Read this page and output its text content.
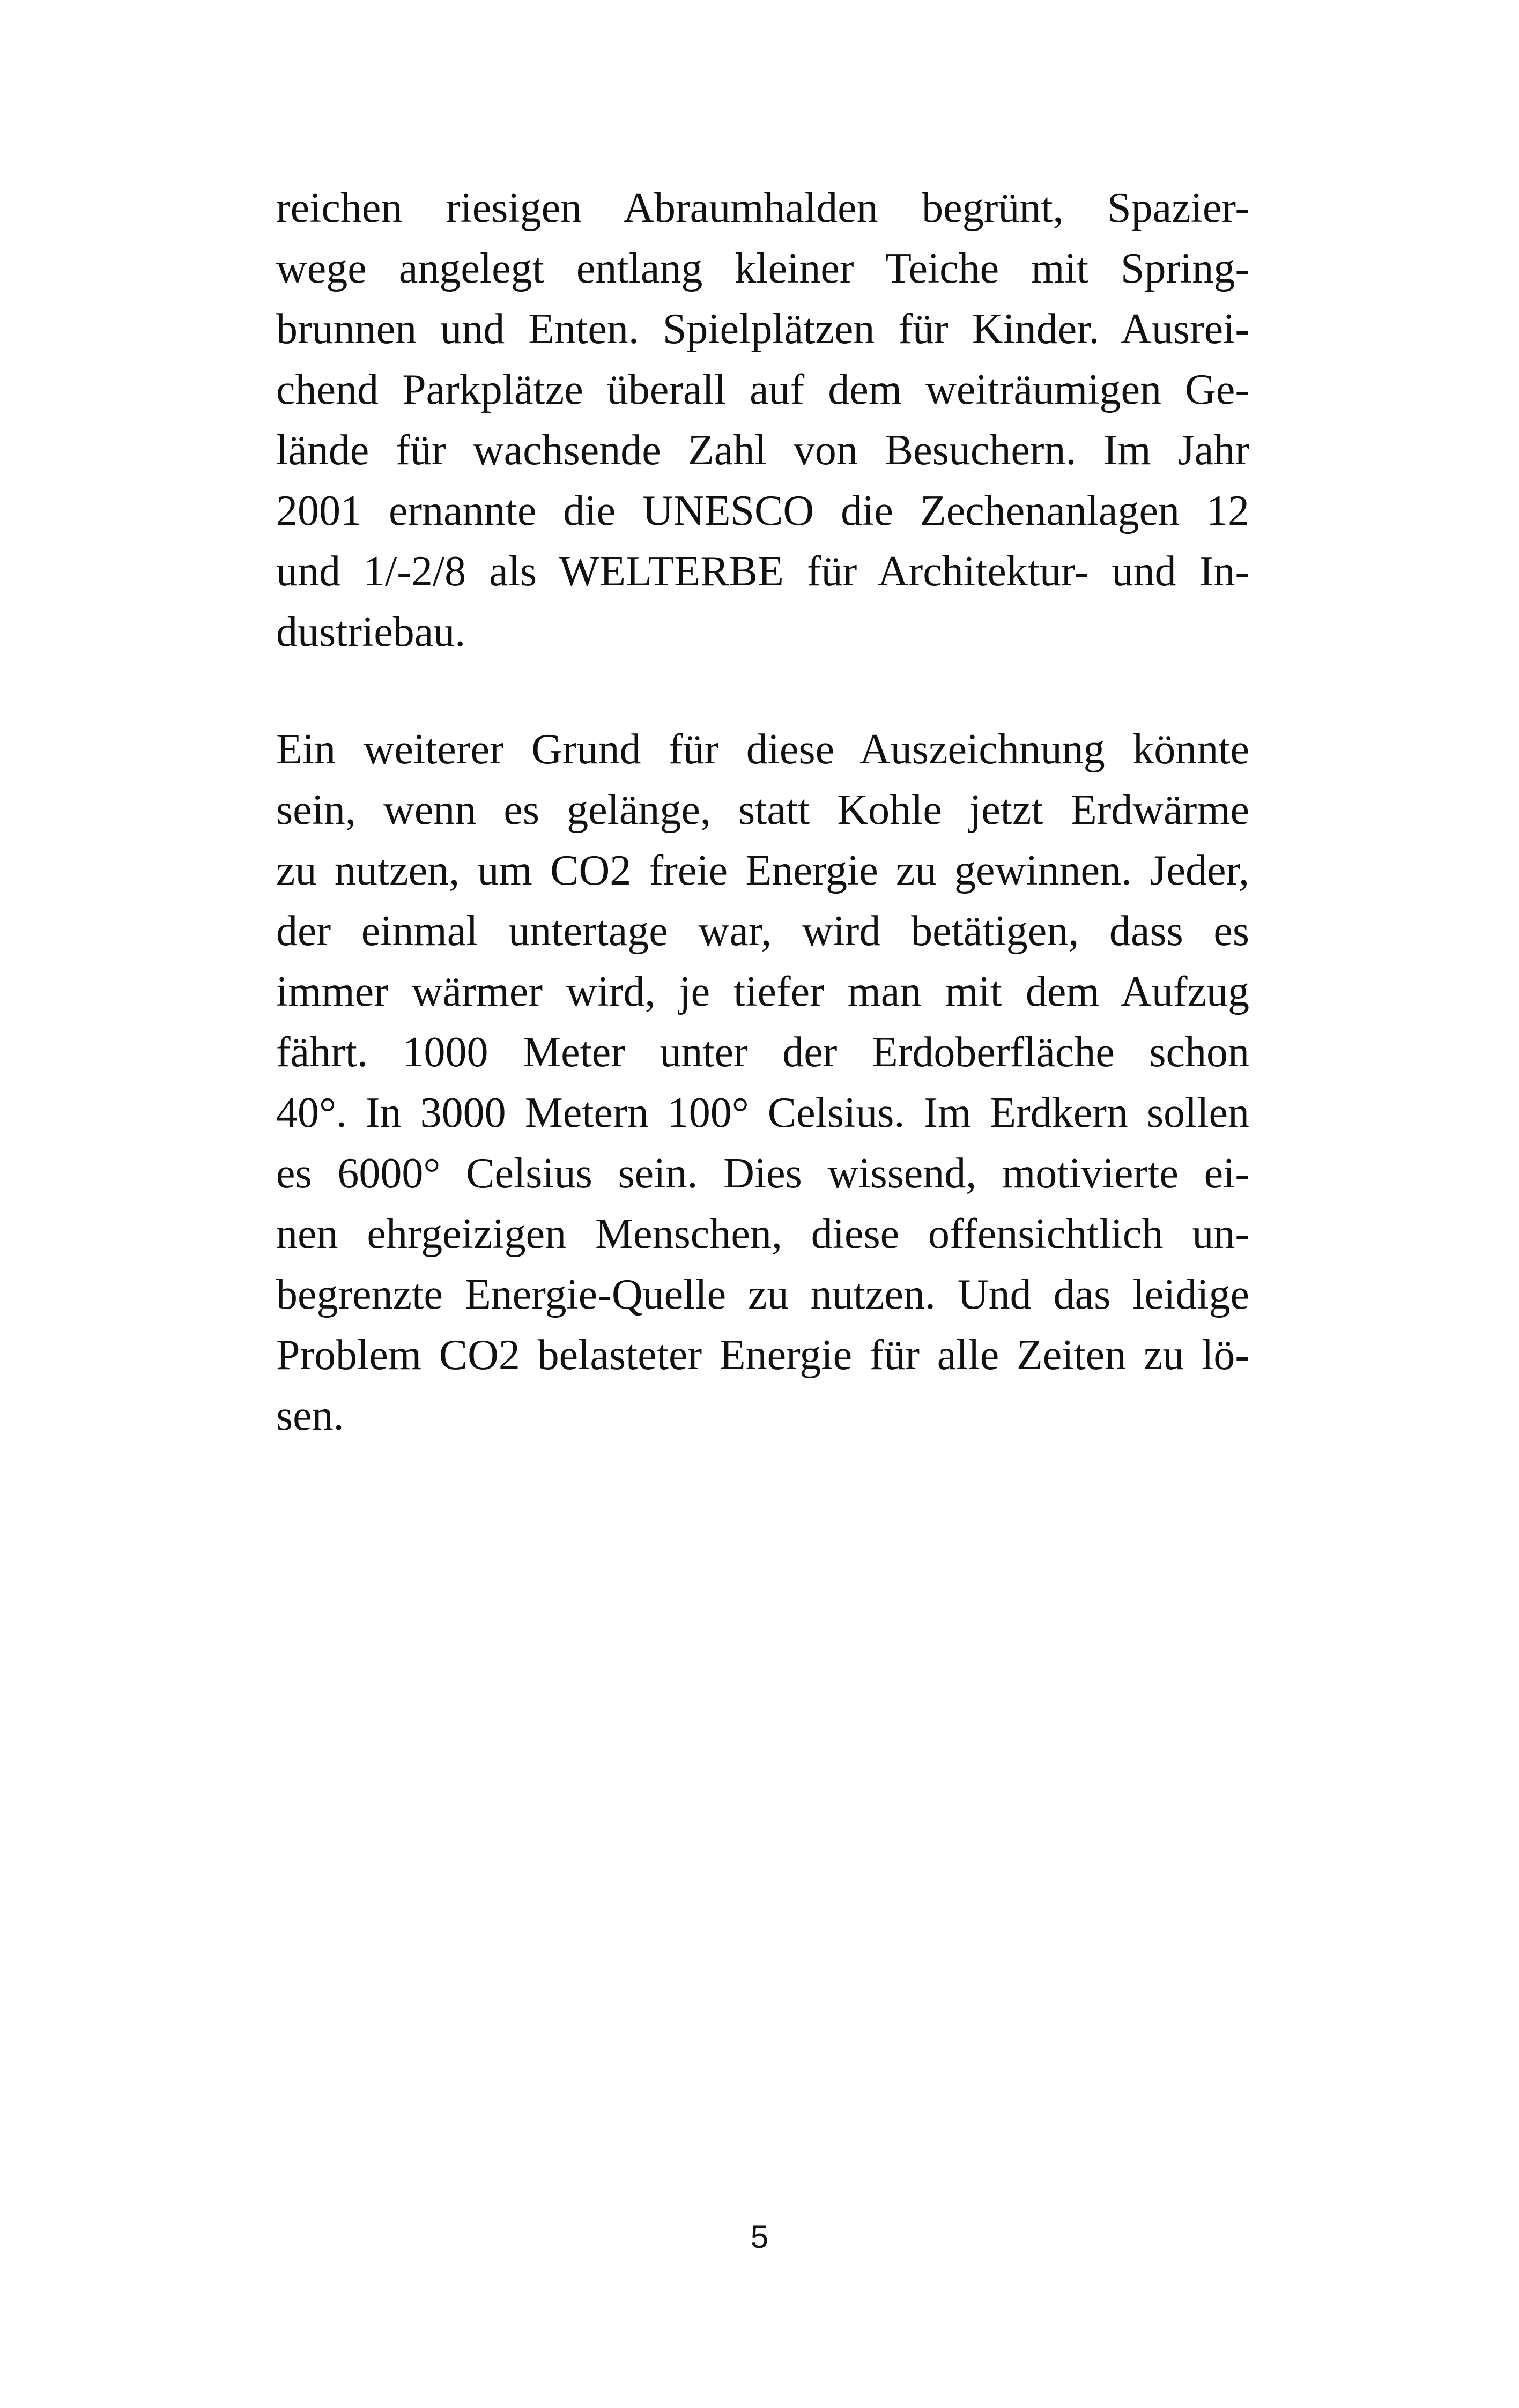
reichen riesigen Abraumhalden begrünt, Spazier-
wege angelegt entlang kleiner Teiche mit Spring-
brunnen und Enten. Spielplätzen für Kinder. Ausrei-
chend Parkplätze überall auf dem weiträumigen Ge-
lände für wachsende Zahl von Besuchern. Im Jahr
2001 ernannte die UNESCO die Zechenanlagen 12
und 1/-2/8 als WELTERBE für Architektur- und In-
dustriebau.
Ein weiterer Grund für diese Auszeichnung könnte
sein, wenn es gelänge, statt Kohle jetzt Erdwärme
zu nutzen, um CO2 freie Energie zu gewinnen. Jeder,
der einmal untertage war, wird betätigen, dass es
immer wärmer wird, je tiefer man mit dem Aufzug
fährt. 1000 Meter unter der Erdoberfläche schon
40°. In 3000 Metern 100° Celsius. Im Erdkern sollen
es 6000° Celsius sein. Dies wissend, motivierte ei-
nen ehrgeizigen Menschen, diese offensichtlich un-
begrenzte Energie-Quelle zu nutzen. Und das leidige
Problem CO2 belasteter Energie für alle Zeiten zu lö-
sen.
5
